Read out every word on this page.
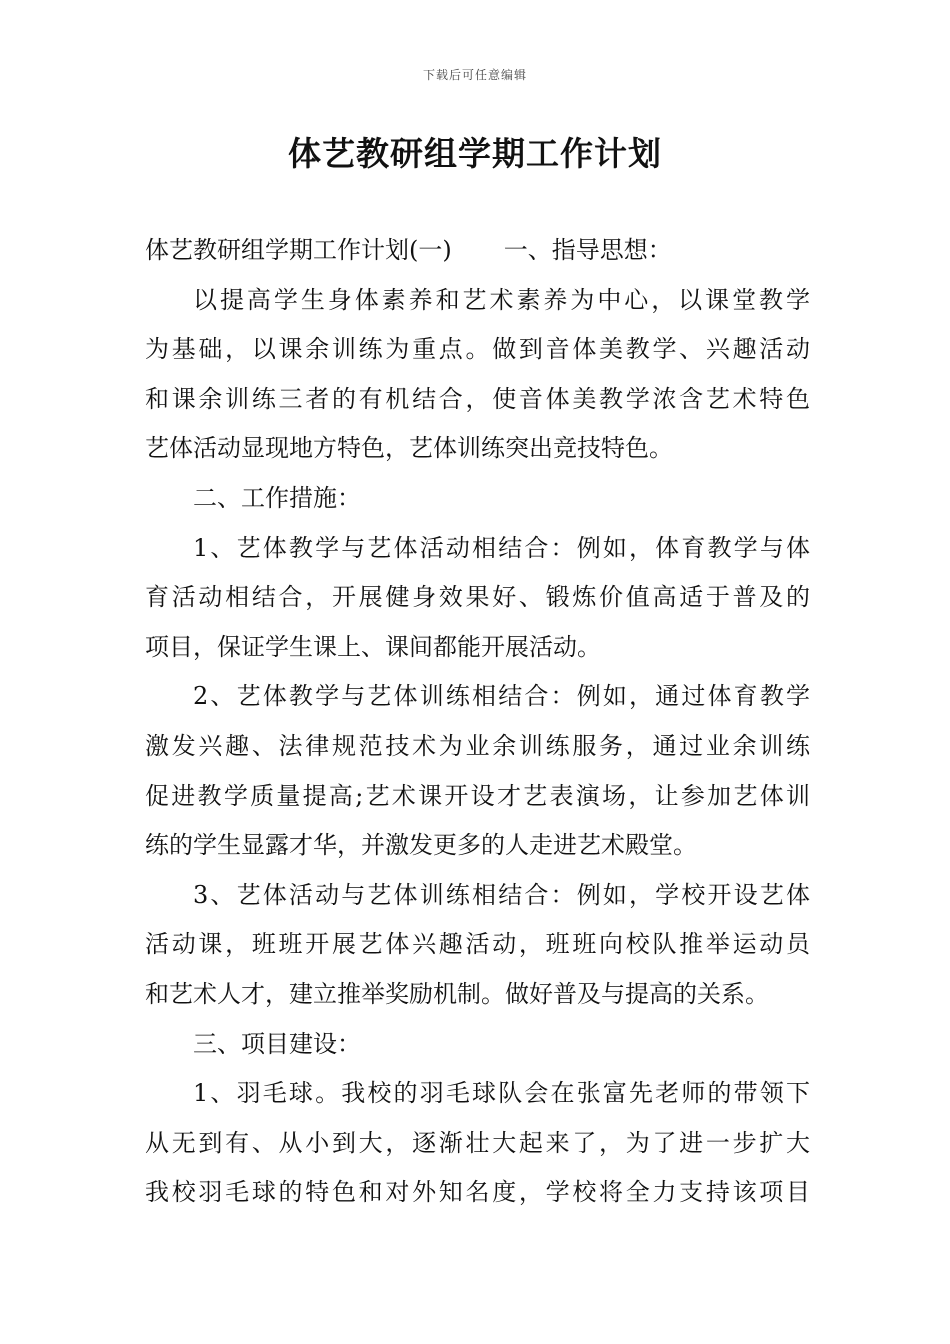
下载后可任意编辑
体艺教研组学期工作计划
体艺教研组学期工作计划(一) 一、指导思想：
以提高学生身体素养和艺术素养为中心，以课堂教学
为基础，以课余训练为重点。做到音体美教学、兴趣活动
和课余训练三者的有机结合，使音体美教学浓含艺术特色
艺体活动显现地方特色，艺体训练突出竞技特色。
二、工作措施：
1、艺体教学与艺体活动相结合：例如，体育教学与体
育活动相结合，开展健身效果好、锻炼价值高适于普及的
项目，保证学生课上、课间都能开展活动。
2、艺体教学与艺体训练相结合：例如，通过体育教学
激发兴趣、法律规范技术为业余训练服务，通过业余训练
促进教学质量提高;艺术课开设才艺表演场，让参加艺体训
练的学生显露才华，并激发更多的人走进艺术殿堂。
3、艺体活动与艺体训练相结合：例如，学校开设艺体
活动课，班班开展艺体兴趣活动，班班向校队推举运动员
和艺术人才，建立推举奖励机制。做好普及与提高的关系。
三、项目建设：
1、羽毛球。我校的羽毛球队会在张富先老师的带领下
从无到有、从小到大，逐渐壮大起来了，为了进一步扩大
我校羽毛球的特色和对外知名度，学校将全力支持该项目
